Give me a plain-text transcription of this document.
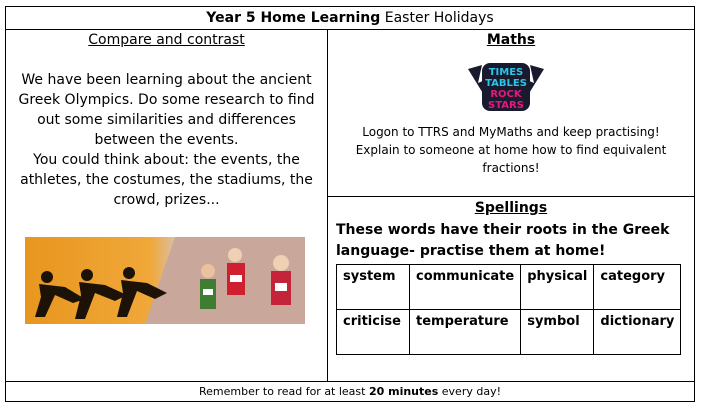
Year 5 Home Learning Easter Holidays
Compare and contrast

We have been learning about the ancient Greek Olympics. Do some research to find out some similarities and differences between the events.

You could think about: the events, the athletes, the costumes, the stadiums, the crowd, prizes...

Maths
TIMES
TABLES
ROCK
STARS

Logon to TTRS and MyMaths and keep practising!

Explain to someone at home how to find equivalent fractions!

Spellings
These words have their roots in the Greek language- practise them at home!
system	communicate	physical	category
criticise	temperature	symbol	dictionary
Remember to read for at least 20 minutes every day!
